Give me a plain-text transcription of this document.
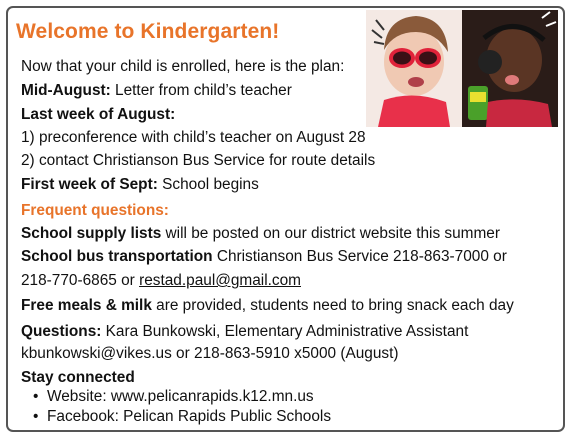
Welcome to Kindergarten!
Now that your child is enrolled, here is the plan:
Mid-August: Letter from child’s teacher
Last week of August:
1) preconference with child’s teacher on August 28
2) contact Christianson Bus Service for route details
First week of Sept: School begins
Frequent questions:
School supply lists will be posted on our district website this summer
School bus transportation Christianson Bus Service 218-863-7000 or
218-770-6865 or restad.paul@gmail.com
Free meals & milk are provided, students need to bring snack each day
Questions: Kara Bunkowski, Elementary Administrative Assistant
kbunkowski@vikes.us or 218-863-5910 x5000 (August)
Stay connected
• Website: www.pelicanrapids.k12.mn.us
• Facebook: Pelican Rapids Public Schools
